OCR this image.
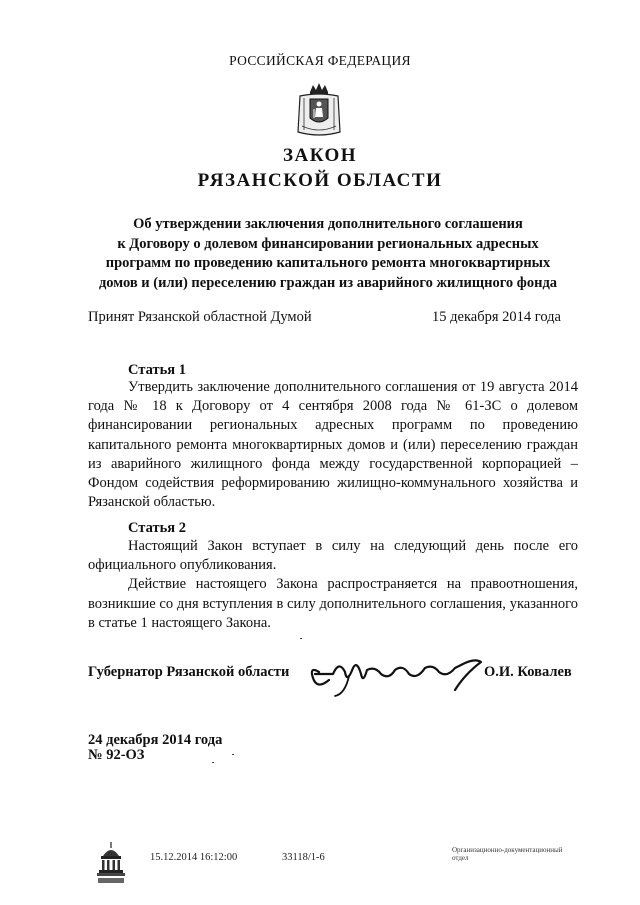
РОССИЙСКАЯ ФЕДЕРАЦИЯ
ЗАКОН
РЯЗАНСКОЙ ОБЛАСТИ
Об утверждении заключения дополнительного соглашения
к Договору о долевом финансировании региональных адресных
программ по проведению капитального ремонта многоквартирных
домов и (или) переселению граждан из аварийного жилищного фонда
Принят Рязанской областной Думой	15 декабря 2014 года
Статья 1

Утвердить заключение дополнительного соглашения от 19 августа 2014 года № 18 к Договору от 4 сентября 2008 года № 61-ЗС о долевом финансировании региональных адресных программ по проведению капитального ремонта многоквартирных домов и (или) переселению граждан из аварийного жилищного фонда между государственной корпорацией – Фондом содействия реформированию жилищно-коммунального хозяйства и Рязанской областью.

Статья 2

Настоящий Закон вступает в силу на следующий день после его официального опубликования.

Действие настоящего Закона распространяется на правоотношения, возникшие со дня вступления в силу дополнительного соглашения, указанного в статье 1 настоящего Закона.

Губернатор Рязанской области	О.И. Ковалев
24 декабря 2014 года
№ 92-ОЗ
15.12.2014 16:12:00	33118/1-6
Организационно-документационный
отдел
